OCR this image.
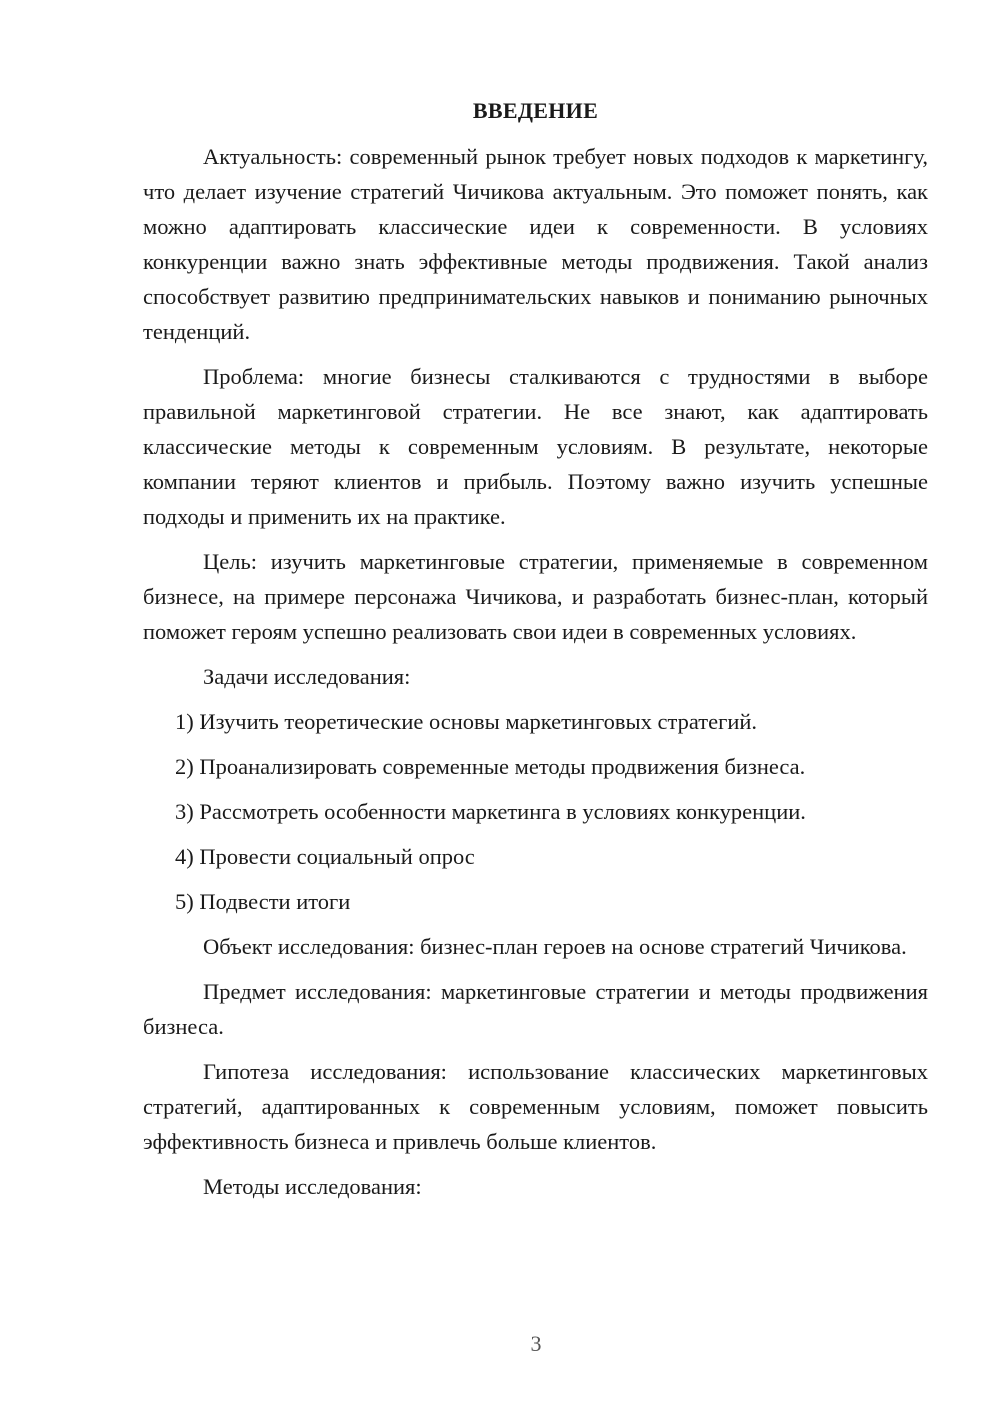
ВВЕДЕНИЕ

Актуальность: современный рынок требует новых подходов к маркетингу, что делает изучение стратегий Чичикова актуальным. Это поможет понять, как можно адаптировать классические идеи к современности. В условиях конкуренции важно знать эффективные методы продвижения. Такой анализ способствует развитию предпринимательских навыков и пониманию рыночных тенденций.

Проблема: многие бизнесы сталкиваются с трудностями в выборе правильной маркетинговой стратегии. Не все знают, как адаптировать классические методы к современным условиям. В результате, некоторые компании теряют клиентов и прибыль. Поэтому важно изучить успешные подходы и применить их на практике.

Цель: изучить маркетинговые стратегии, применяемые в современном бизнесе, на примере персонажа Чичикова, и разработать бизнес-план, который поможет героям успешно реализовать свои идеи в современных условиях.

Задачи исследования:

1) Изучить теоретические основы маркетинговых стратегий.

2) Проанализировать современные методы продвижения бизнеса.

3) Рассмотреть особенности маркетинга в условиях конкуренции.

4) Провести социальный опрос

5) Подвести итоги

Объект исследования: бизнес-план героев на основе стратегий Чичикова.

Предмет исследования: маркетинговые стратегии и методы продвижения бизнеса.

Гипотеза исследования: использование классических маркетинговых стратегий, адаптированных к современным условиям, поможет повысить эффективность бизнеса и привлечь больше клиентов.

Методы исследования:

3
